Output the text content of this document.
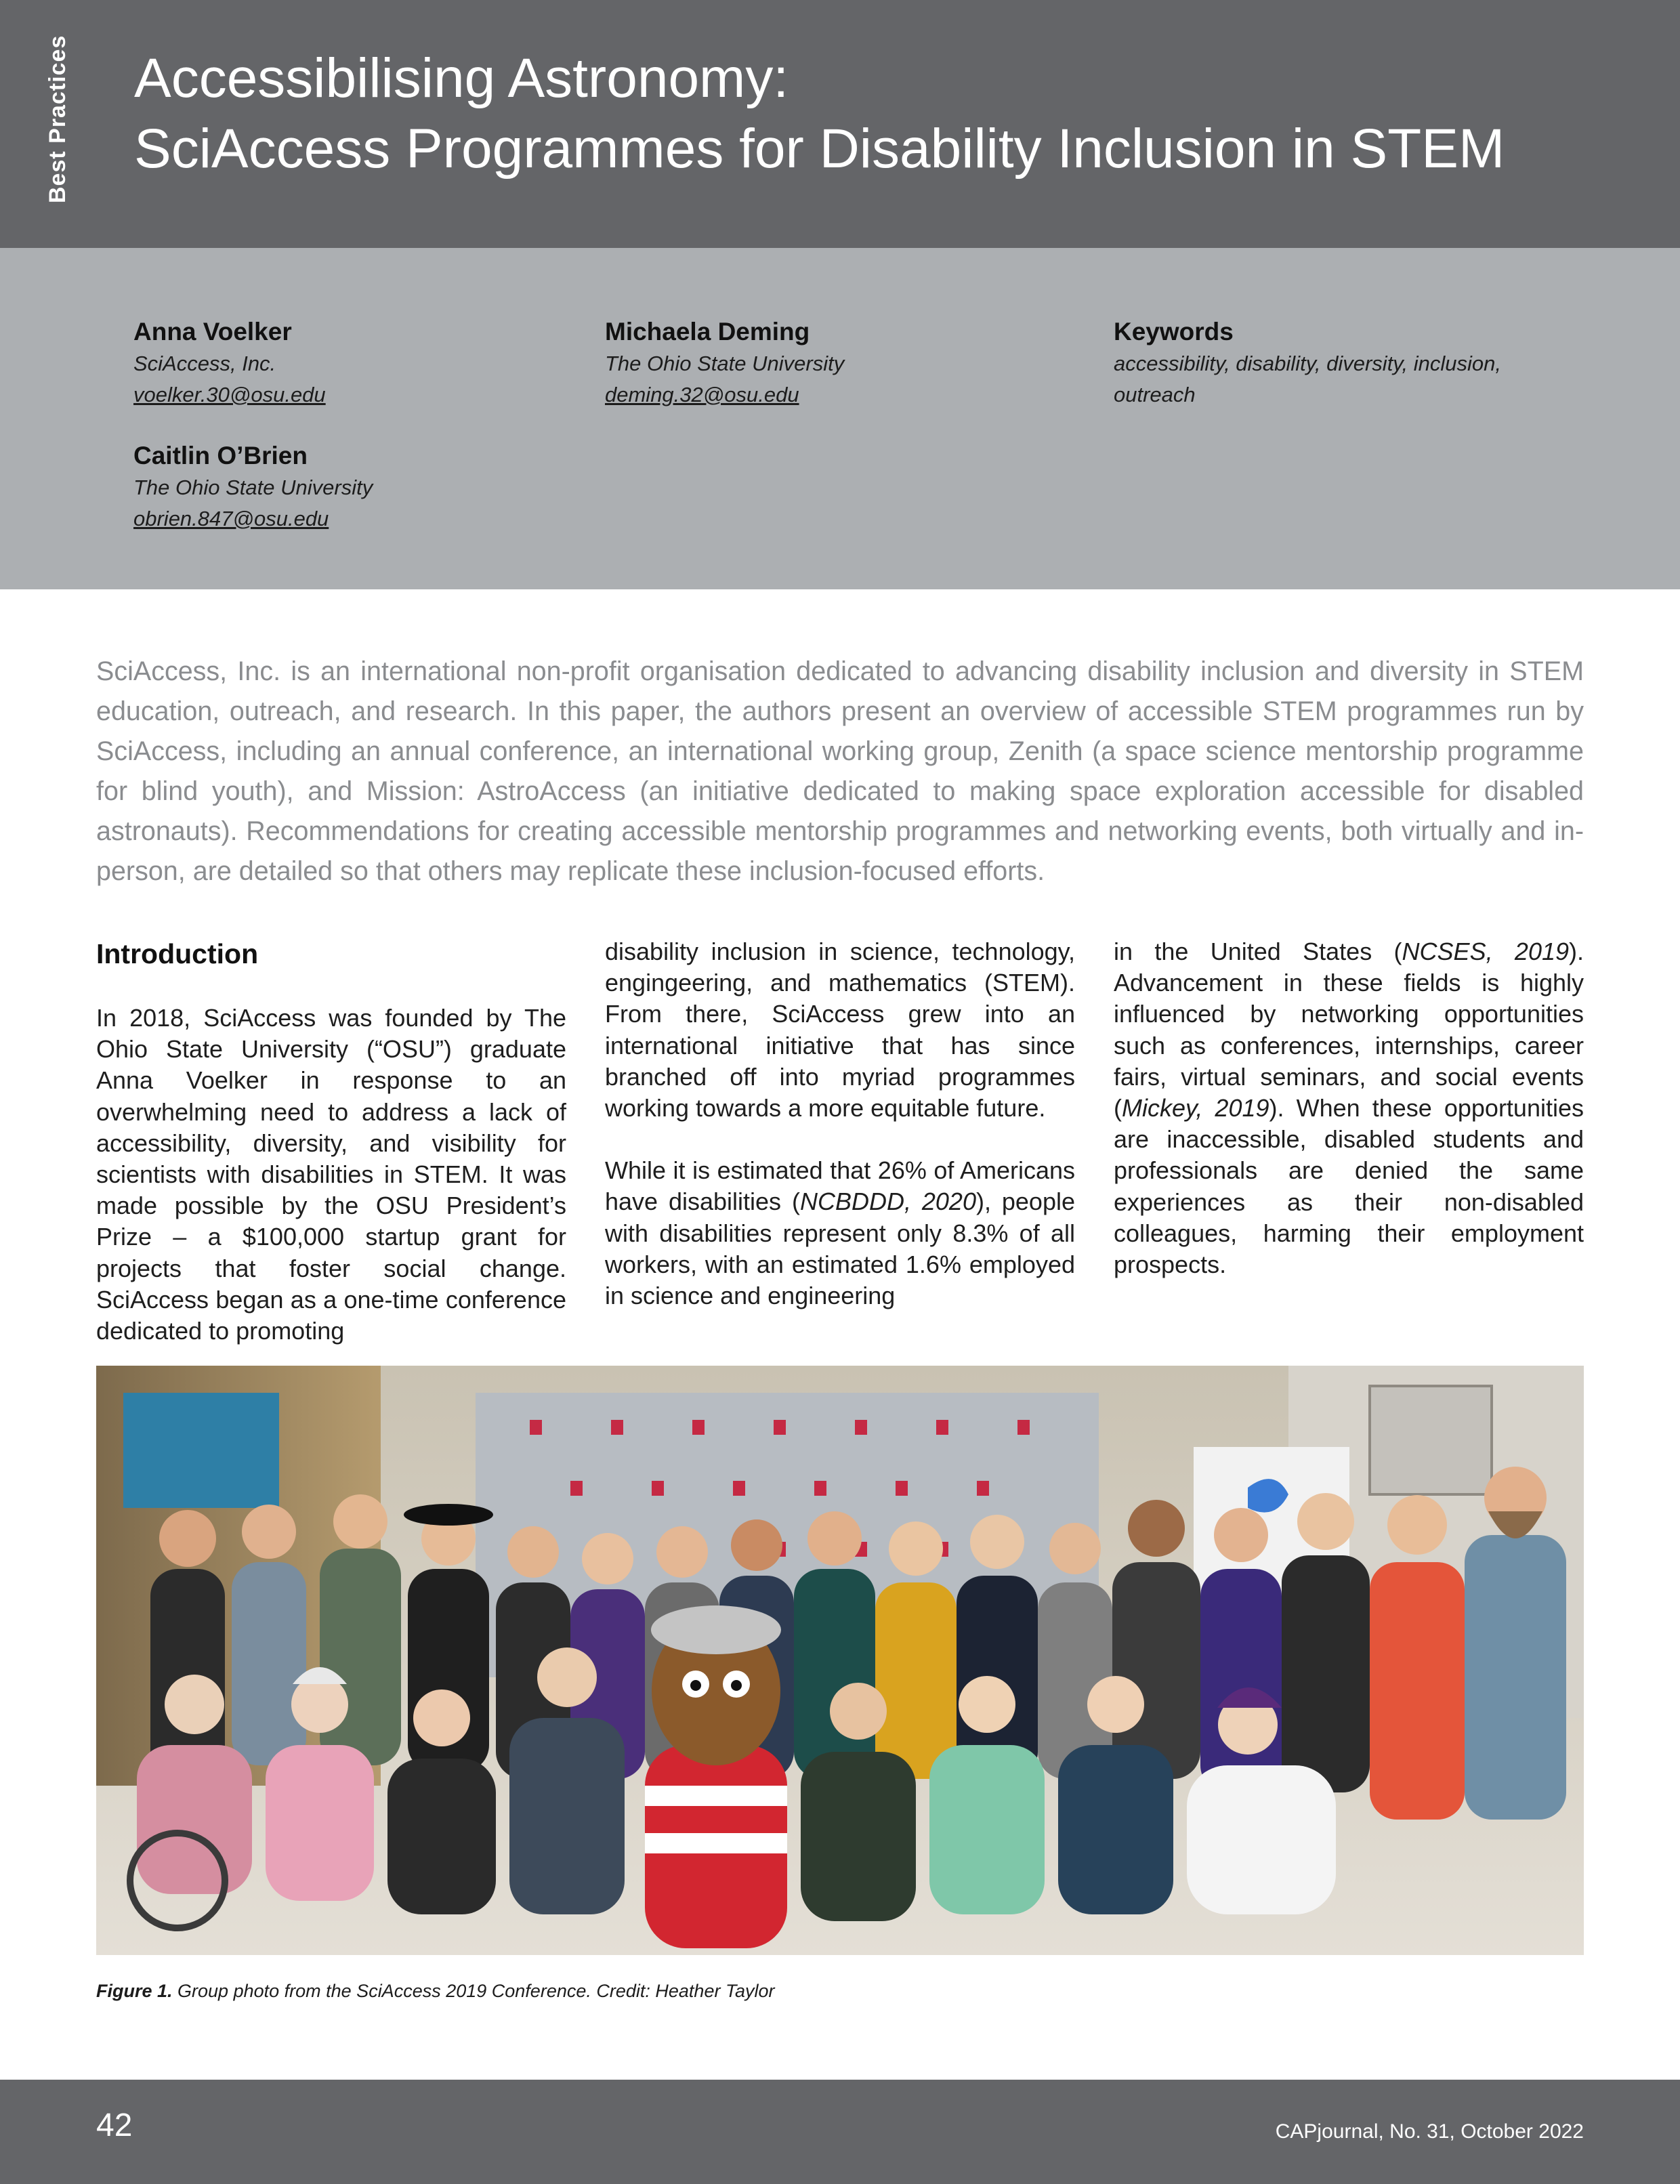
Best Practices Accessibilising Astronomy:
SciAccess Programmes for Disability Inclusion in STEM
Anna Voelker
SciAccess, Inc.
voelker.30@osu.edu
Michaela Deming
The Ohio State University
deming.32@osu.edu
Keywords
accessibility, disability, diversity, inclusion, outreach
Caitlin O’Brien
The Ohio State University
obrien.847@osu.edu

SciAccess, Inc. is an international non-profit organisation dedicated to advancing disability inclusion and diversity in STEM education, outreach, and research. In this paper, the authors present an overview of accessible STEM programmes run by SciAccess, including an annual conference, an international working group, Zenith (a space science mentorship programme for blind youth), and Mission: AstroAccess (an initiative dedicated to making space exploration accessible for disabled astronauts). Recommendations for creating accessible mentorship programmes and networking events, both virtually and in-person, are detailed so that others may replicate these inclusion-focused efforts.

Introduction

In 2018, SciAccess was founded by The Ohio State University (“OSU”) graduate Anna Voelker in response to an overwhelming need to address a lack of accessibility, diversity, and visibility for scientists with disabilities in STEM. It was made possible by the OSU President’s Prize – a $100,000 startup grant for projects that foster social change. SciAccess began as a one-time conference dedicated to promoting

disability inclusion in science, technology, engingeering, and mathematics (STEM). From there, SciAccess grew into an international initiative that has since branched off into myriad programmes working towards a more equitable future.

While it is estimated that 26% of Americans have disabilities (NCBDDD, 2020), people with disabilities represent only 8.3% of all workers, with an estimated 1.6% employed in science and engineering

in the United States (NCSES, 2019). Advancement in these fields is highly influenced by networking opportunities such as conferences, internships, career fairs, virtual seminars, and social events (Mickey, 2019). When these opportunities are inaccessible, disabled students and professionals are denied the same experiences as their non-disabled colleagues, harming their employment prospects.

Figure 1. Group photo from the SciAccess 2019 Conference. Credit: Heather Taylor
42	CAPjournal, No. 31, October 2022
